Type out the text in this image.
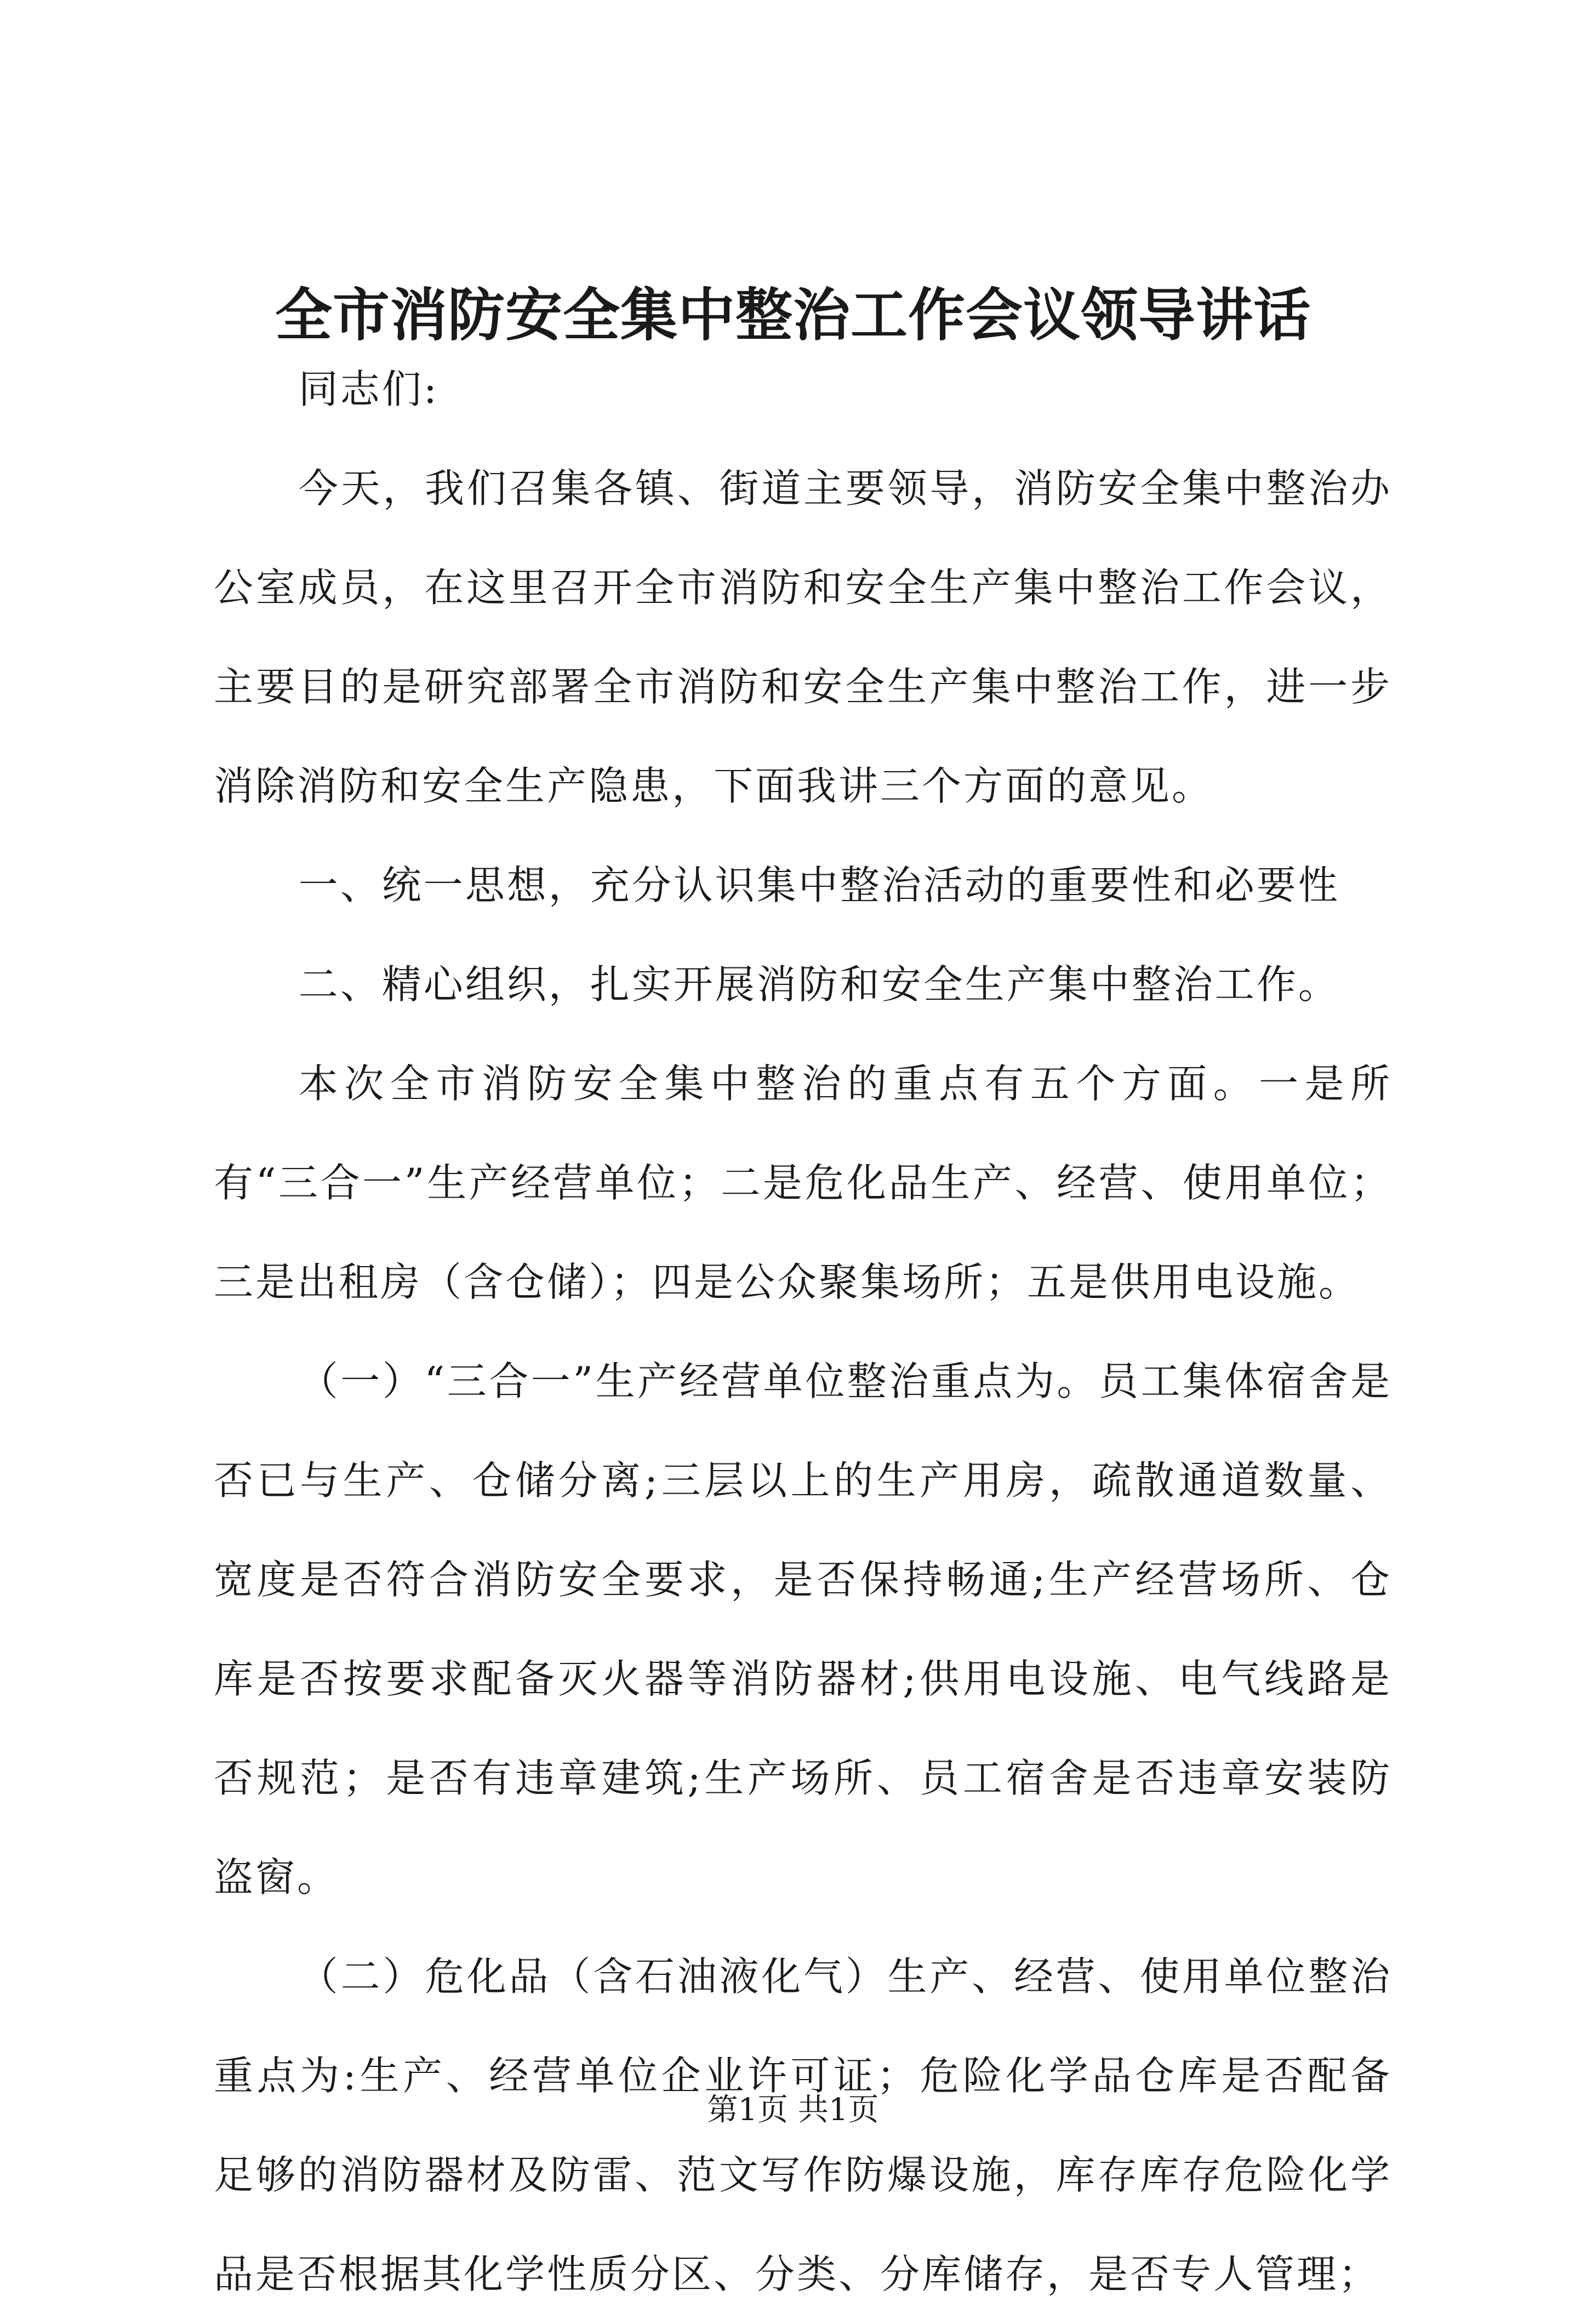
全市消防安全集中整治工作会议领导讲话

同志们:

今天，我们召集各镇、街道主要领导，消防安全集中整治办公室成员，在这里召开全市消防和安全生产集中整治工作会议，主要目的是研究部署全市消防和安全生产集中整治工作，进一步消除消防和安全生产隐患，下面我讲三个方面的意见。

一、统一思想，充分认识集中整治活动的重要性和必要性

二、精心组织，扎实开展消防和安全生产集中整治工作。

本次全市消防安全集中整治的重点有五个方面。一是所有“三合一”生产经营单位；二是危化品生产、经营、使用单位；三是出租房（含仓储）；四是公众聚集场所；五是供用电设施。

（一）“三合一”生产经营单位整治重点为。员工集体宿舍是否已与生产、仓储分离;三层以上的生产用房，疏散通道数量、宽度是否符合消防安全要求，是否保持畅通;生产经营场所、仓库是否按要求配备灭火器等消防器材;供用电设施、电气线路是否规范；是否有违章建筑;生产场所、员工宿舍是否违章安装防盗窗。

（二）危化品（含石油液化气）生产、经营、使用单位整治重点为:生产、经营单位企业许可证；危险化学品仓库是否配备足够的消防器材及防雷、范文写作防爆设施，库存库存危险化学品是否根据其化学性质分区、分类、分库储存，是否专人管理；

第1页 共1页
